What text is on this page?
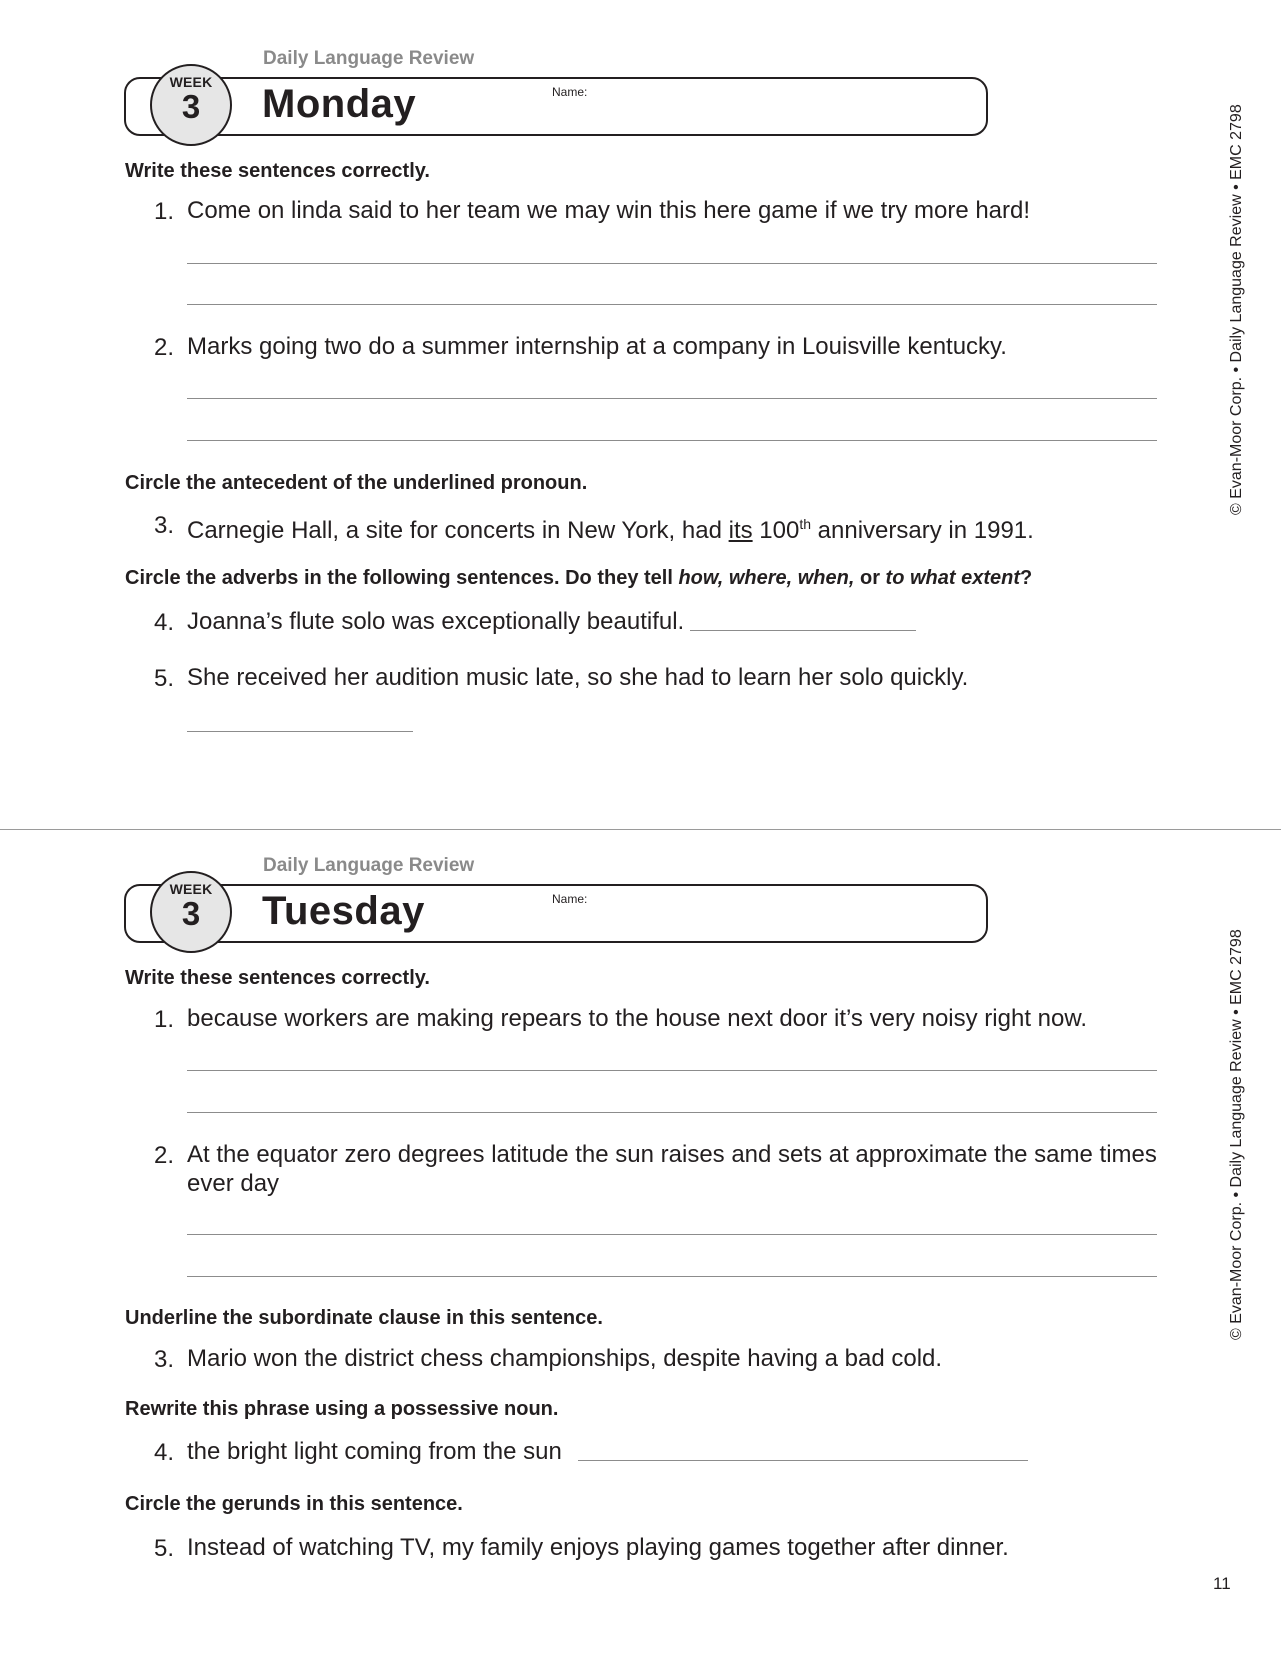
Daily Language Review
WEEK
3	Monday	Name:
Write these sentences correctly.
1. Come on linda said to her team we may win this here game if we try more hard!
2. Marks going two do a summer internship at a company in Louisville kentucky.
Circle the antecedent of the underlined pronoun.
3. Carnegie Hall, a site for concerts in New York, had its 100th anniversary in 1991.
Circle the adverbs in the following sentences. Do they tell how, where, when, or to what extent?
4. Joanna’s flute solo was exceptionally beautiful.
5. She received her audition music late, so she had to learn her solo quickly.
© Evan-Moor Corp. • Daily Language Review • EMC 2798
Daily Language Review
WEEK
3	Tuesday	Name:
Write these sentences correctly.
1. because workers are making repears to the house next door it’s very noisy right now.
2. At the equator zero degrees latitude the sun raises and sets at approximate the same times
ever day
Underline the subordinate clause in this sentence.
3. Mario won the district chess championships, despite having a bad cold.
Rewrite this phrase using a possessive noun.
4. the bright light coming from the sun
Circle the gerunds in this sentence.
5. Instead of watching TV, my family enjoys playing games together after dinner.
© Evan-Moor Corp. • Daily Language Review • EMC 2798
11
